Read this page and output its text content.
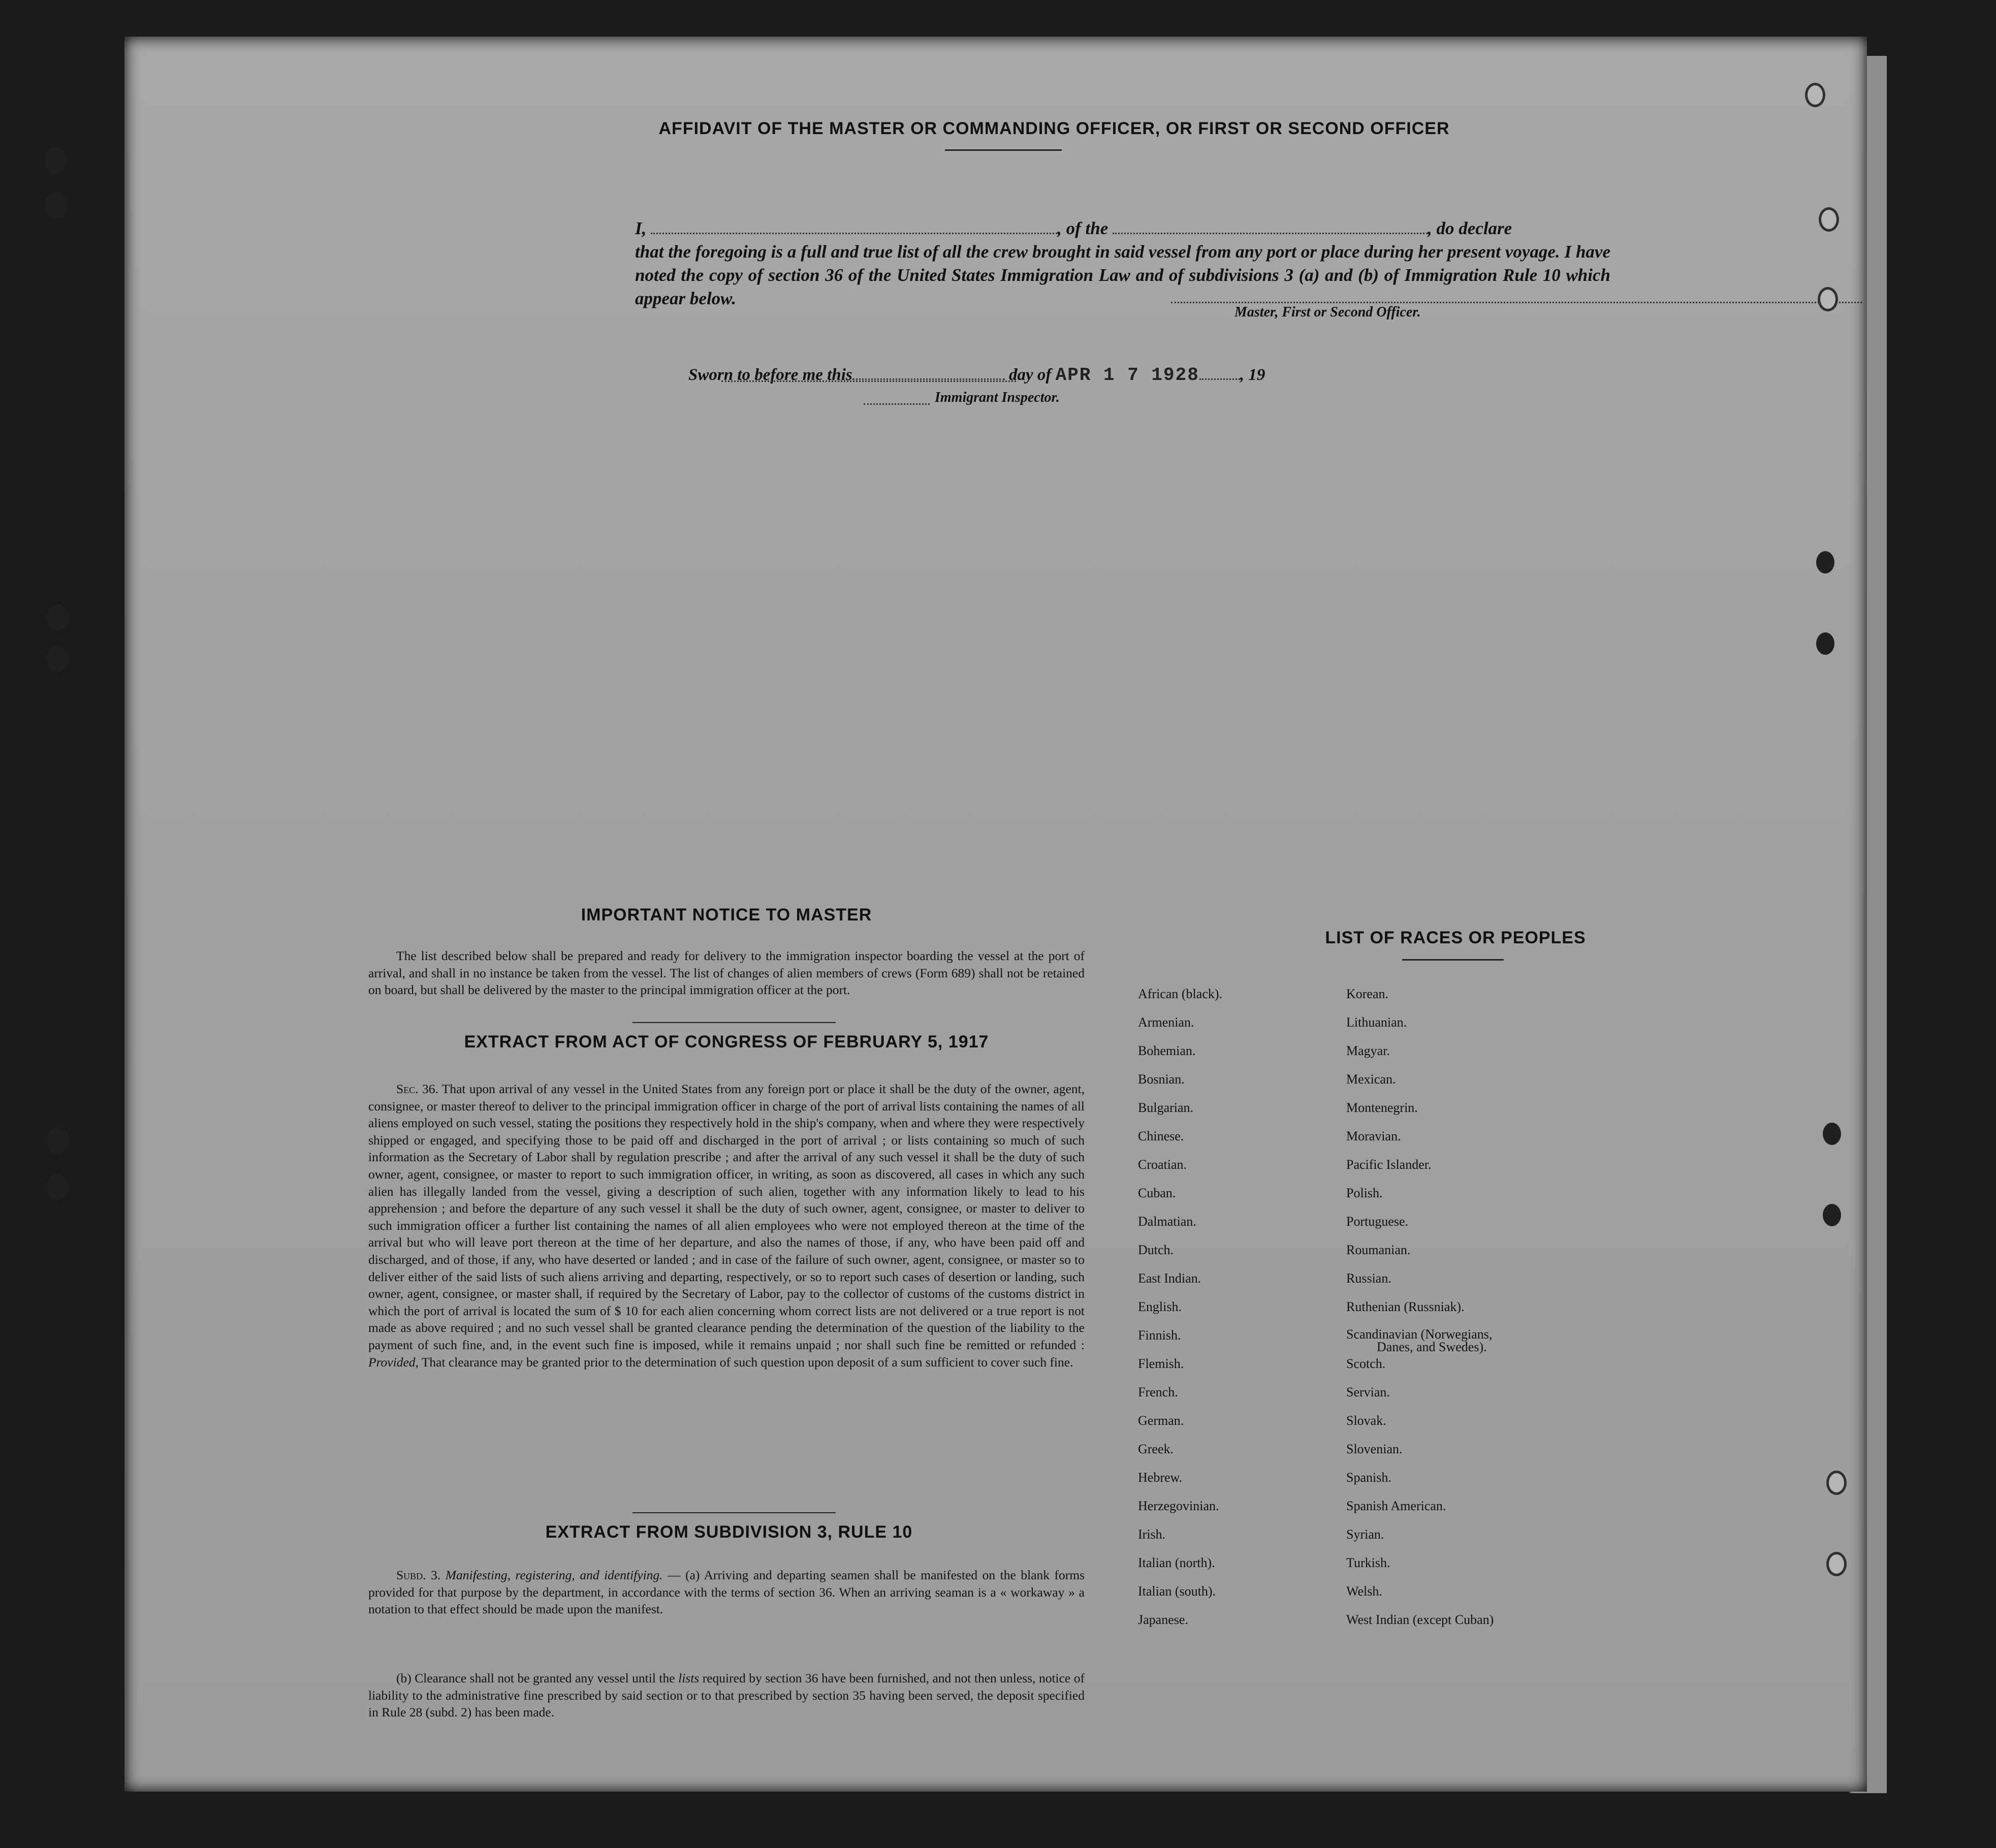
AFFIDAVIT OF THE MASTER OR COMMANDING OFFICER, OR FIRST OR SECOND OFFICER
I,	, of the	, do declare
that the foregoing is a full and true list of all the crew brought in said vessel from any port or place during her present voyage. I have noted the copy of section 36 of the United States Immigration Law and of subdivisions 3 (a) and (b) of Immigration Rule 10 which appear below.
Master, First or Second Officer.
Sworn to before me this	day of APR 1 7 1928 , 19
Immigrant Inspector.
IMPORTANT NOTICE TO MASTER
The list described below shall be prepared and ready for delivery to the immigration inspector boarding the vessel at the port of arrival, and shall in no instance be taken from the vessel. The list of changes of alien members of crews (Form 689) shall not be retained on board, but shall be delivered by the master to the principal immigration officer at the port.
EXTRACT FROM ACT OF CONGRESS OF FEBRUARY 5, 1917
Sec. 36. That upon arrival of any vessel in the United States from any foreign port or place it shall be the duty of the owner, agent, consignee, or master thereof to deliver to the principal immigration officer in charge of the port of arrival lists containing the names of all aliens employed on such vessel, stating the positions they respectively hold in the ship's company, when and where they were respectively shipped or engaged, and specifying those to be paid off and discharged in the port of arrival ; or lists containing so much of such information as the Secretary of Labor shall by regulation prescribe ; and after the arrival of any such vessel it shall be the duty of such owner, agent, consignee, or master to report to such immigration officer, in writing, as soon as discovered, all cases in which any such alien has illegally landed from the vessel, giving a description of such alien, together with any information likely to lead to his apprehension ; and before the departure of any such vessel it shall be the duty of such owner, agent, consignee, or master to deliver to such immigration officer a further list containing the names of all alien employees who were not employed thereon at the time of the arrival but who will leave port thereon at the time of her departure, and also the names of those, if any, who have been paid off and discharged, and of those, if any, who have deserted or landed ; and in case of the failure of such owner, agent, consignee, or master so to deliver either of the said lists of such aliens arriving and departing, respectively, or so to report such cases of desertion or landing, such owner, agent, consignee, or master shall, if required by the Secretary of Labor, pay to the collector of customs of the customs district in which the port of arrival is located the sum of $ 10 for each alien concerning whom correct lists are not delivered or a true report is not made as above required ; and no such vessel shall be granted clearance pending the determination of the question of the liability to the payment of such fine, and, in the event such fine is imposed, while it remains unpaid ; nor shall such fine be remitted or refunded : Provided, That clearance may be granted prior to the determination of such question upon deposit of a sum sufficient to cover such fine.
EXTRACT FROM SUBDIVISION 3, RULE 10
Subd. 3. Manifesting, registering, and identifying. — (a) Arriving and departing seamen shall be manifested on the blank forms provided for that purpose by the department, in accordance with the terms of section 36. When an arriving seaman is a « workaway » a notation to that effect should be made upon the manifest.
(b) Clearance shall not be granted any vessel until the lists required by section 36 have been furnished, and not then unless, notice of liability to the administrative fine prescribed by said section or to that prescribed by section 35 having been served, the deposit specified in Rule 28 (subd. 2) has been made.
LIST OF RACES OR PEOPLES
African (black).
Armenian.
Bohemian.
Bosnian.
Bulgarian.
Chinese.
Croatian.
Cuban.
Dalmatian.
Dutch.
East Indian.
English.
Finnish.
Flemish.
French.
German.
Greek.
Hebrew.
Herzegovinian.
Irish.
Italian (north).
Italian (south).
Japanese.
Korean.
Lithuanian.
Magyar.
Mexican.
Montenegrin.
Moravian.
Pacific Islander.
Polish.
Portuguese.
Roumanian.
Russian.
Ruthenian (Russniak).
Scandinavian (Norwegians,
Danes, and Swedes).
Scotch.
Servian.
Slovak.
Slovenian.
Spanish.
Spanish American.
Syrian.
Turkish.
Welsh.
West Indian (except Cuban)
